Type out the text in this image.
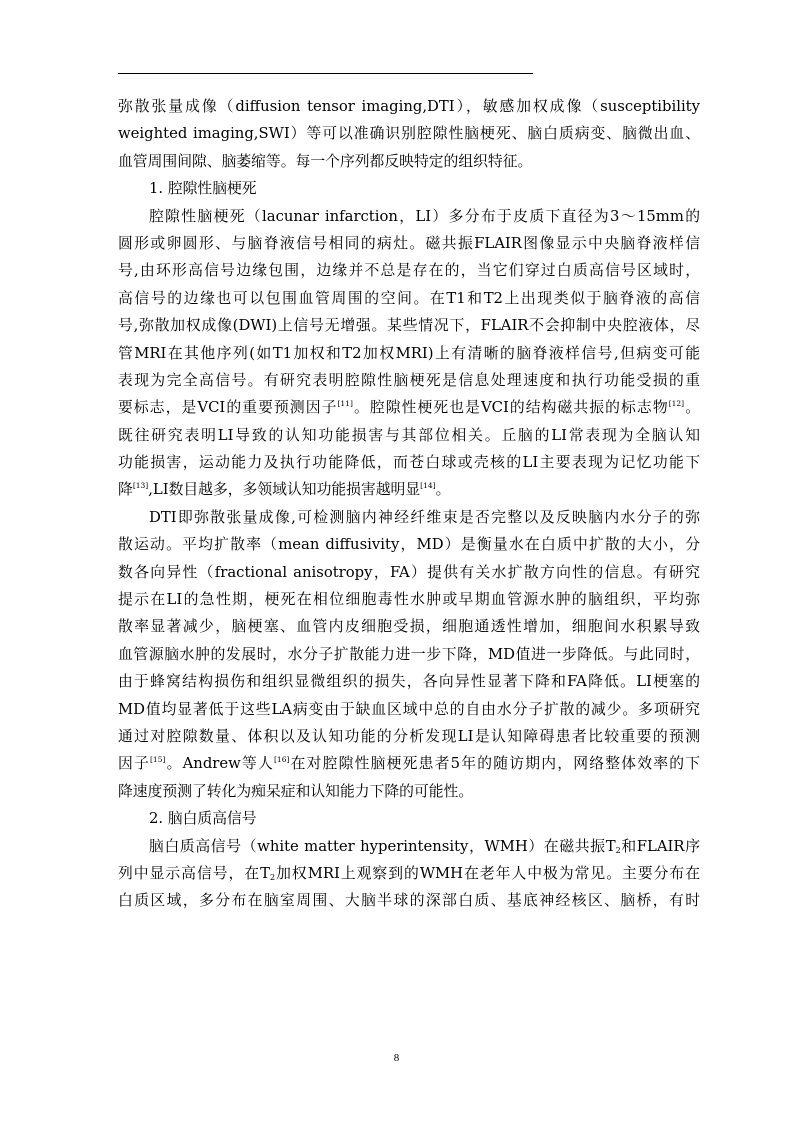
弥散张量成像（diffusion tensor imaging,DTI），敏感加权成像（susceptibility
weighted imaging,SWI）等可以准确识别腔隙性脑梗死、脑白质病变、脑微出血、
血管周围间隙、脑萎缩等。每一个序列都反映特定的组织特征。
1. 腔隙性脑梗死
腔隙性脑梗死（lacunar infarction，LI）多分布于皮质下直径为3～15mm的
圆形或卵圆形、与脑脊液信号相同的病灶。磁共振FLAIR图像显示中央脑脊液样信
号,由环形高信号边缘包围，边缘并不总是存在的，当它们穿过白质高信号区域时，
高信号的边缘也可以包围血管周围的空间。在T1和T2上出现类似于脑脊液的高信
号,弥散加权成像(DWI)上信号无增强。某些情况下，FLAIR不会抑制中央腔液体，尽
管MRI在其他序列(如T1加权和T2加权MRI)上有清晰的脑脊液样信号,但病变可能
表现为完全高信号。有研究表明腔隙性脑梗死是信息处理速度和执行功能受损的重
要标志，是VCI的重要预测因子[11]。腔隙性梗死也是VCI的结构磁共振的标志物[12]。
既往研究表明LI导致的认知功能损害与其部位相关。丘脑的LI常表现为全脑认知
功能损害，运动能力及执行功能降低，而苍白球或壳核的LI主要表现为记忆功能下
降[13],LI数目越多，多领域认知功能损害越明显[14]。
DTI即弥散张量成像,可检测脑内神经纤维束是否完整以及反映脑内水分子的弥
散运动。平均扩散率（mean diffusivity，MD）是衡量水在白质中扩散的大小，分
数各向异性（fractional anisotropy，FA）提供有关水扩散方向性的信息。有研究
提示在LI的急性期，梗死在相位细胞毒性水肿或早期血管源水肿的脑组织，平均弥
散率显著减少，脑梗塞、血管内皮细胞受损，细胞通透性增加，细胞间水积累导致
血管源脑水肿的发展时，水分子扩散能力进一步下降，MD值进一步降低。与此同时，
由于蜂窝结构损伤和组织显微组织的损失，各向异性显著下降和FA降低。LI梗塞的
MD值均显著低于这些LA病变由于缺血区域中总的自由水分子扩散的减少。多项研究
通过对腔隙数量、体积以及认知功能的分析发现LI是认知障碍患者比较重要的预测
因子[15]。Andrew等人[16]在对腔隙性脑梗死患者5年的随访期内，网络整体效率的下
降速度预测了转化为痴呆症和认知能力下降的可能性。
2. 脑白质高信号
脑白质高信号（white matter hyperintensity，WMH）在磁共振$T_2$和FLAIR序
列中显示高信号，在$T_2$加权MRI上观察到的WMH在老年人中极为常见。主要分布在
白质区域，多分布在脑室周围、大脑半球的深部白质、基底神经核区、脑桥，有时
8
